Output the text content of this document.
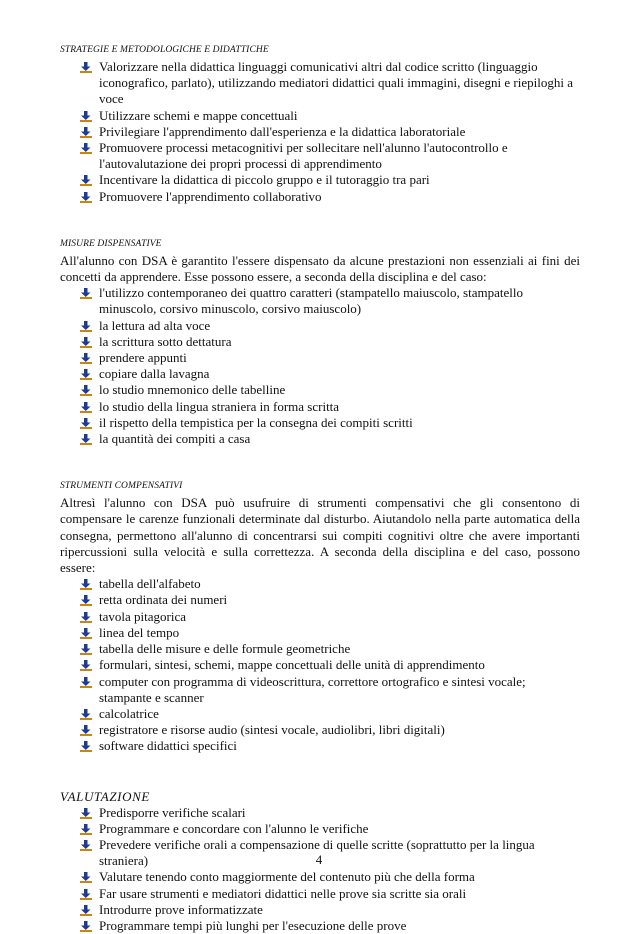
STRATEGIE E METODOLOGICHE E DIDATTICHE
Valorizzare nella didattica linguaggi comunicativi altri dal codice scritto (linguaggio iconografico, parlato), utilizzando mediatori didattici quali immagini, disegni e riepiloghi a voce
Utilizzare schemi e mappe concettuali
Privilegiare l'apprendimento dall'esperienza e la didattica laboratoriale
Promuovere processi metacognitivi per sollecitare nell'alunno l'autocontrollo e l'autovalutazione dei propri processi di apprendimento
Incentivare la didattica di piccolo gruppo e il tutoraggio tra pari
Promuovere l'apprendimento collaborativo
MISURE DISPENSATIVE

All'alunno con DSA è garantito l'essere dispensato da alcune prestazioni non essenziali ai fini dei concetti da apprendere. Esse possono essere, a seconda della disciplina e del caso:

l'utilizzo contemporaneo dei quattro caratteri (stampatello maiuscolo, stampatello minuscolo, corsivo minuscolo, corsivo maiuscolo)
la lettura ad alta voce
la scrittura sotto dettatura
prendere appunti
copiare dalla lavagna
lo studio mnemonico delle tabelline
lo studio della lingua straniera in forma scritta
il rispetto della tempistica per la consegna dei compiti scritti
la quantità dei compiti a casa
STRUMENTI COMPENSATIVI

Altresì l'alunno con DSA può usufruire di strumenti compensativi che gli consentono di compensare le carenze funzionali determinate dal disturbo. Aiutandolo nella parte automatica della consegna, permettono all'alunno di concentrarsi sui compiti cognitivi oltre che avere importanti ripercussioni sulla velocità e sulla correttezza. A seconda della disciplina e del caso, possono essere:

tabella dell'alfabeto
retta ordinata dei numeri
tavola pitagorica
linea del tempo
tabella delle misure e delle formule geometriche
formulari, sintesi, schemi, mappe concettuali delle unità di apprendimento
computer con programma di videoscrittura, correttore ortografico e sintesi vocale; stampante e scanner
calcolatrice
registratore e risorse audio (sintesi vocale, audiolibri, libri digitali)
software didattici specifici
VALUTAZIONE
Predisporre verifiche scalari
Programmare e concordare con l'alunno le verifiche
Prevedere verifiche orali a compensazione di quelle scritte (soprattutto per la lingua straniera)
Valutare tenendo conto maggiormente del contenuto più che della forma
Far usare strumenti e mediatori didattici nelle prove sia scritte sia orali
Introdurre prove informatizzate
Programmare tempi più lunghi per l'esecuzione delle prove
4
